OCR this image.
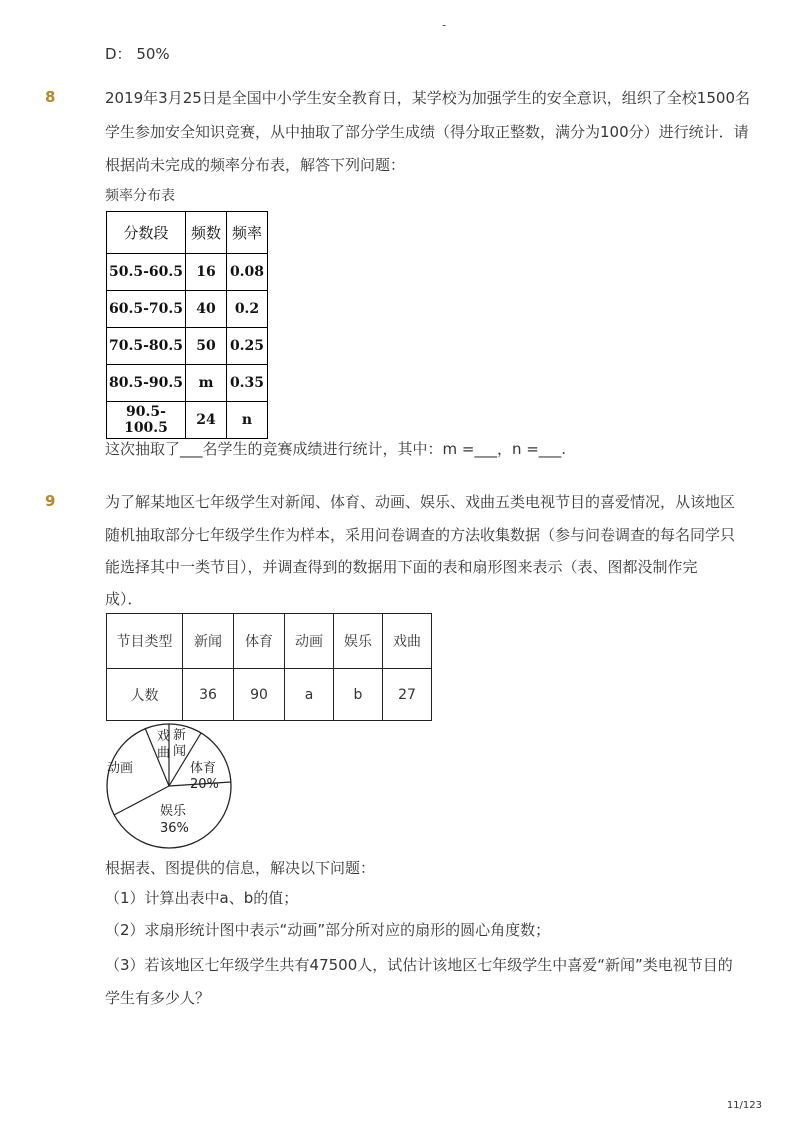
-
D： 50%
8	2019年3月25日是全国中小学生安全教育日，某学校为加强学生的安全意识，组织了全校1500名
学生参加安全知识竞赛，从中抽取了部分学生成绩（得分取正整数，满分为100分）进行统计．请
根据尚未完成的频率分布表，解答下列问题：
频率分布表
分数段	频数	频率
50.5-60.5	16	0.08
60.5-70.5	40	0.2
70.5-80.5	50	0.25
80.5-90.5	m	0.35
90.5-100.5	24	n
这次抽取了___名学生的竞赛成绩进行统计，其中：m =___，n =___.
9	为了解某地区七年级学生对新闻、体育、动画、娱乐、戏曲五类电视节目的喜爱情况，从该地区
随机抽取部分七年级学生作为样本，采用问卷调查的方法收集数据（参与问卷调查的每名同学只
能选择其中一类节目），并调查得到的数据用下面的表和扇形图来表示（表、图都没制作完
成）．
节目类型	新闻	体育	动画	娱乐	戏曲
人数	36	90	a	b	27
戏
曲
新
闻
动画	体育
20%
娱乐
36%
根据表、图提供的信息，解决以下问题：
（1）计算出表中a、b的值；
（2）求扇形统计图中表示“动画”部分所对应的扇形的圆心角度数；
（3）若该地区七年级学生共有47500人，试估计该地区七年级学生中喜爱“新闻”类电视节目的
学生有多少人？
11/123
